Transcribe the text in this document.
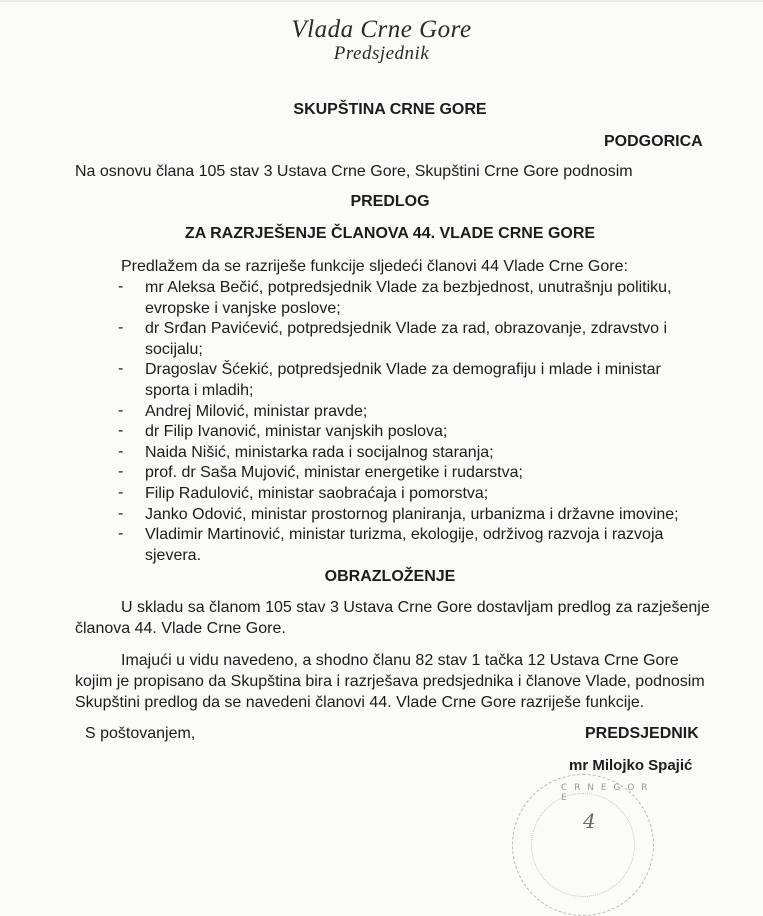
Vlada Crne Gore
Predsjednik
SKUPŠTINA CRNE GORE
PODGORICA
Na osnovu člana 105 stav 3 Ustava Crne Gore, Skupštini Crne Gore podnosim
PREDLOG
ZA RAZRJEŠENJE ČLANOVA 44. VLADE CRNE GORE
Predlažem da se razriješe funkcije sljedeći članovi 44 Vlade Crne Gore:
- mr Aleksa Bečić, potpredsjednik Vlade za bezbjednost, unutrašnju politiku,
evropske i vanjske poslove;
- dr Srđan Pavićević, potpredsjednik Vlade za rad, obrazovanje, zdravstvo i
socijalu;
- Dragoslav Šćekić, potpredsjednik Vlade za demografiju i mlade i ministar
sporta i mladih;
- Andrej Milović, ministar pravde;
- dr Filip Ivanović, ministar vanjskih poslova;
- Naida Nišić, ministarka rada i socijalnog staranja;
- prof. dr Saša Mujović, ministar energetike i rudarstva;
- Filip Radulović, ministar saobraćaja i pomorstva;
- Janko Odović, ministar prostornog planiranja, urbanizma i državne imovine;
- Vladimir Martinović, ministar turizma, ekologije, održivog razvoja i razvoja
sjevera.
OBRAZLOŽENJE
U skladu sa članom 105 stav 3 Ustava Crne Gore dostavljam predlog za razješenje
članova 44. Vlade Crne Gore.
Imajući u vidu navedeno, a shodno članu 82 stav 1 tačka 12 Ustava Crne Gore
kojim je propisano da Skupština bira i razrješava predsjednika i članove Vlade, podnosim
Skupštini predlog da se navedeni članovi 44. Vlade Crne Gore razriješe funkcije.
S poštovanjem,	PREDSJEDNIK
mr Milojko Spajić
C R N E G O R E
4
